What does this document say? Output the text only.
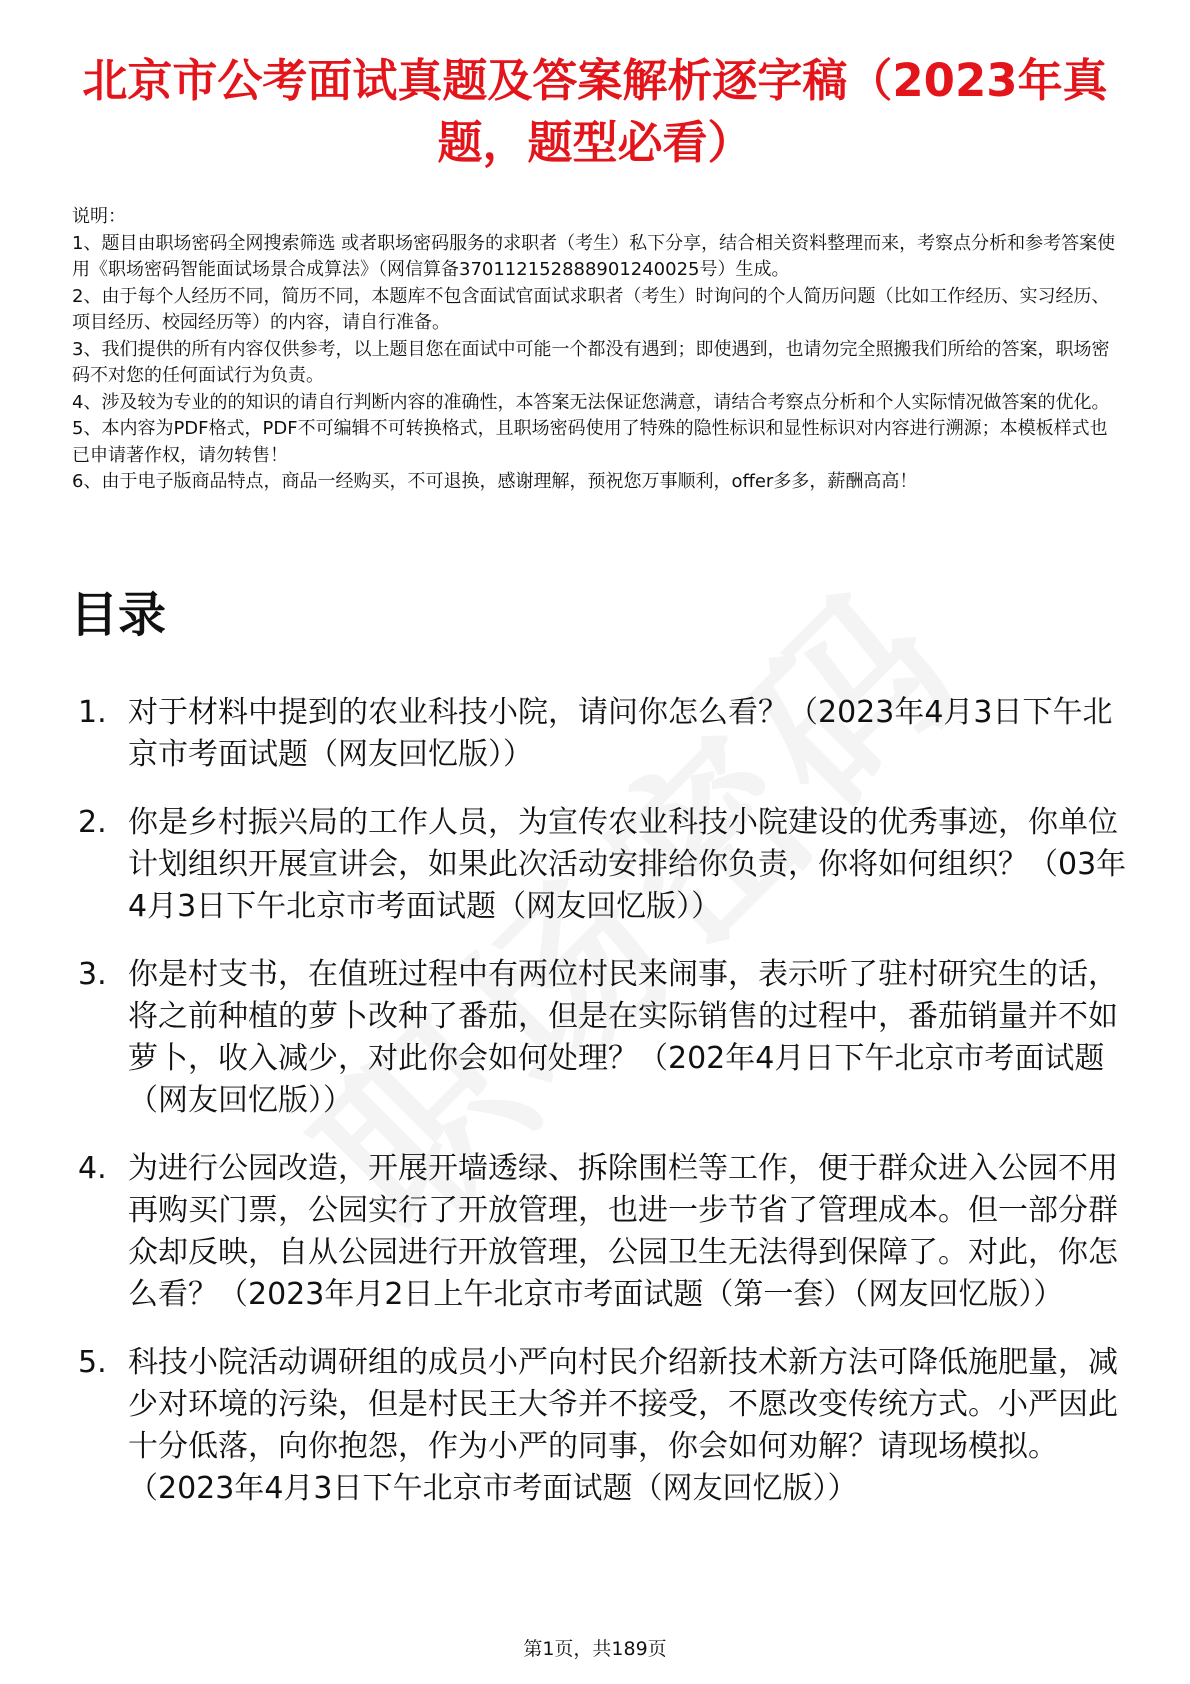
北京市公考面试真题及答案解析逐字稿（2023年真题，题型必看）

说明：

1、题目由职场密码全网搜索筛选 或者职场密码服务的求职者（考生）私下分享，结合相关资料整理而来，考察点分析和参考答案使用《职场密码智能面试场景合成算法》（网信算备370112152888901240025号）生成。

2、由于每个人经历不同，简历不同，本题库不包含面试官面试求职者（考生）时询问的个人简历问题（比如工作经历、实习经历、项目经历、校园经历等）的内容，请自行准备。

3、我们提供的所有内容仅供参考，以上题目您在面试中可能一个都没有遇到；即使遇到，也请勿完全照搬我们所给的答案，职场密码不对您的任何面试行为负责。

4、涉及较为专业的的知识的请自行判断内容的准确性，本答案无法保证您满意，请结合考察点分析和个人实际情况做答案的优化。

5、本内容为PDF格式，PDF不可编辑不可转换格式，且职场密码使用了特殊的隐性标识和显性标识对内容进行溯源；本模板样式也已申请著作权，请勿转售！

6、由于电子版商品特点，商品一经购买，不可退换，感谢理解，预祝您万事顺利，offer多多，薪酬高高！

目录
1. 对于材料中提到的农业科技小院，请问你怎么看？（2023年4月3日下午北京市考面试题（网友回忆版））
2. 你是乡村振兴局的工作人员，为宣传农业科技小院建设的优秀事迹，你单位计划组织开展宣讲会，如果此次活动安排给你负责，你将如何组织？（03年4月3日下午北京市考面试题（网友回忆版））
3. 你是村支书，在值班过程中有两位村民来闹事，表示听了驻村研究生的话，将之前种植的萝卜改种了番茄，但是在实际销售的过程中，番茄销量并不如萝卜，收入减少，对此你会如何处理？（202年4月日下午北京市考面试题（网友回忆版））
4. 为进行公园改造，开展开墙透绿、拆除围栏等工作，便于群众进入公园不用再购买门票，公园实行了开放管理，也进一步节省了管理成本。但一部分群众却反映，自从公园进行开放管理，公园卫生无法得到保障了。对此，你怎么看？（2023年月2日上午北京市考面试题（第一套）（网友回忆版））
5. 科技小院活动调研组的成员小严向村民介绍新技术新方法可降低施肥量，减少对环境的污染，但是村民王大爷并不接受，不愿改变传统方式。小严因此十分低落，向你抱怨，作为小严的同事，你会如何劝解？请现场模拟。（2023年4月3日下午北京市考面试题（网友回忆版））
第1页，共189页
